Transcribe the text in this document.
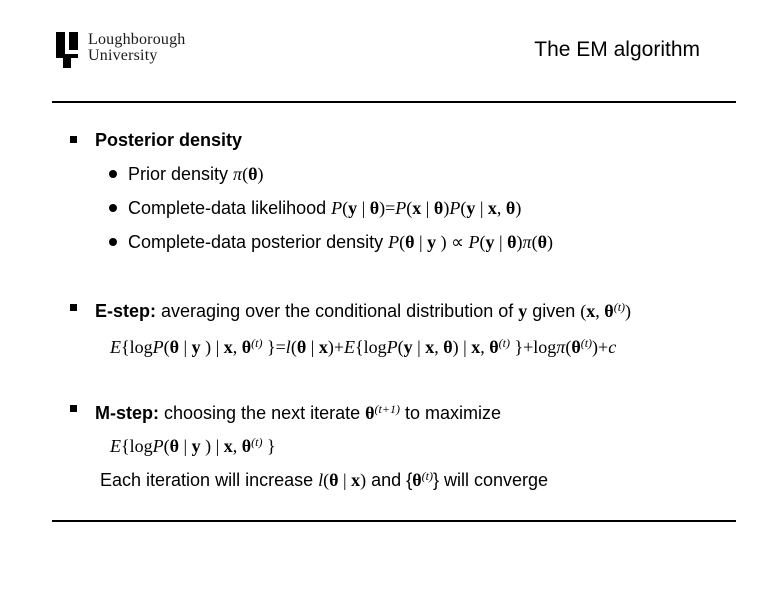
Loughborough
University	The EM algorithm
Posterior density
Prior density π(θ)
Complete-data likelihood P(y | θ)=P(x | θ)P(y | x, θ)
Complete-data posterior density P(θ | y ) ∝ P(y | θ)π(θ)
E-step: averaging over the conditional distribution of y given (x, $\theta^{(t)}$)
E{logP(θ | y ) | x, $\theta^{(t)}$ }=l(θ | x)+E{logP(y | x, θ) | x, $\theta^{(t)}$ }$+\log\pi(\theta^{(t)})+c$
M-step: choosing the next iterate $\theta^{(t+1)}$ to maximize
E{logP(θ | y ) | x, $\theta^{(t)}$ }
Each iteration will increase l(θ | x) and $\{\theta^{(t)}\}$ will converge
